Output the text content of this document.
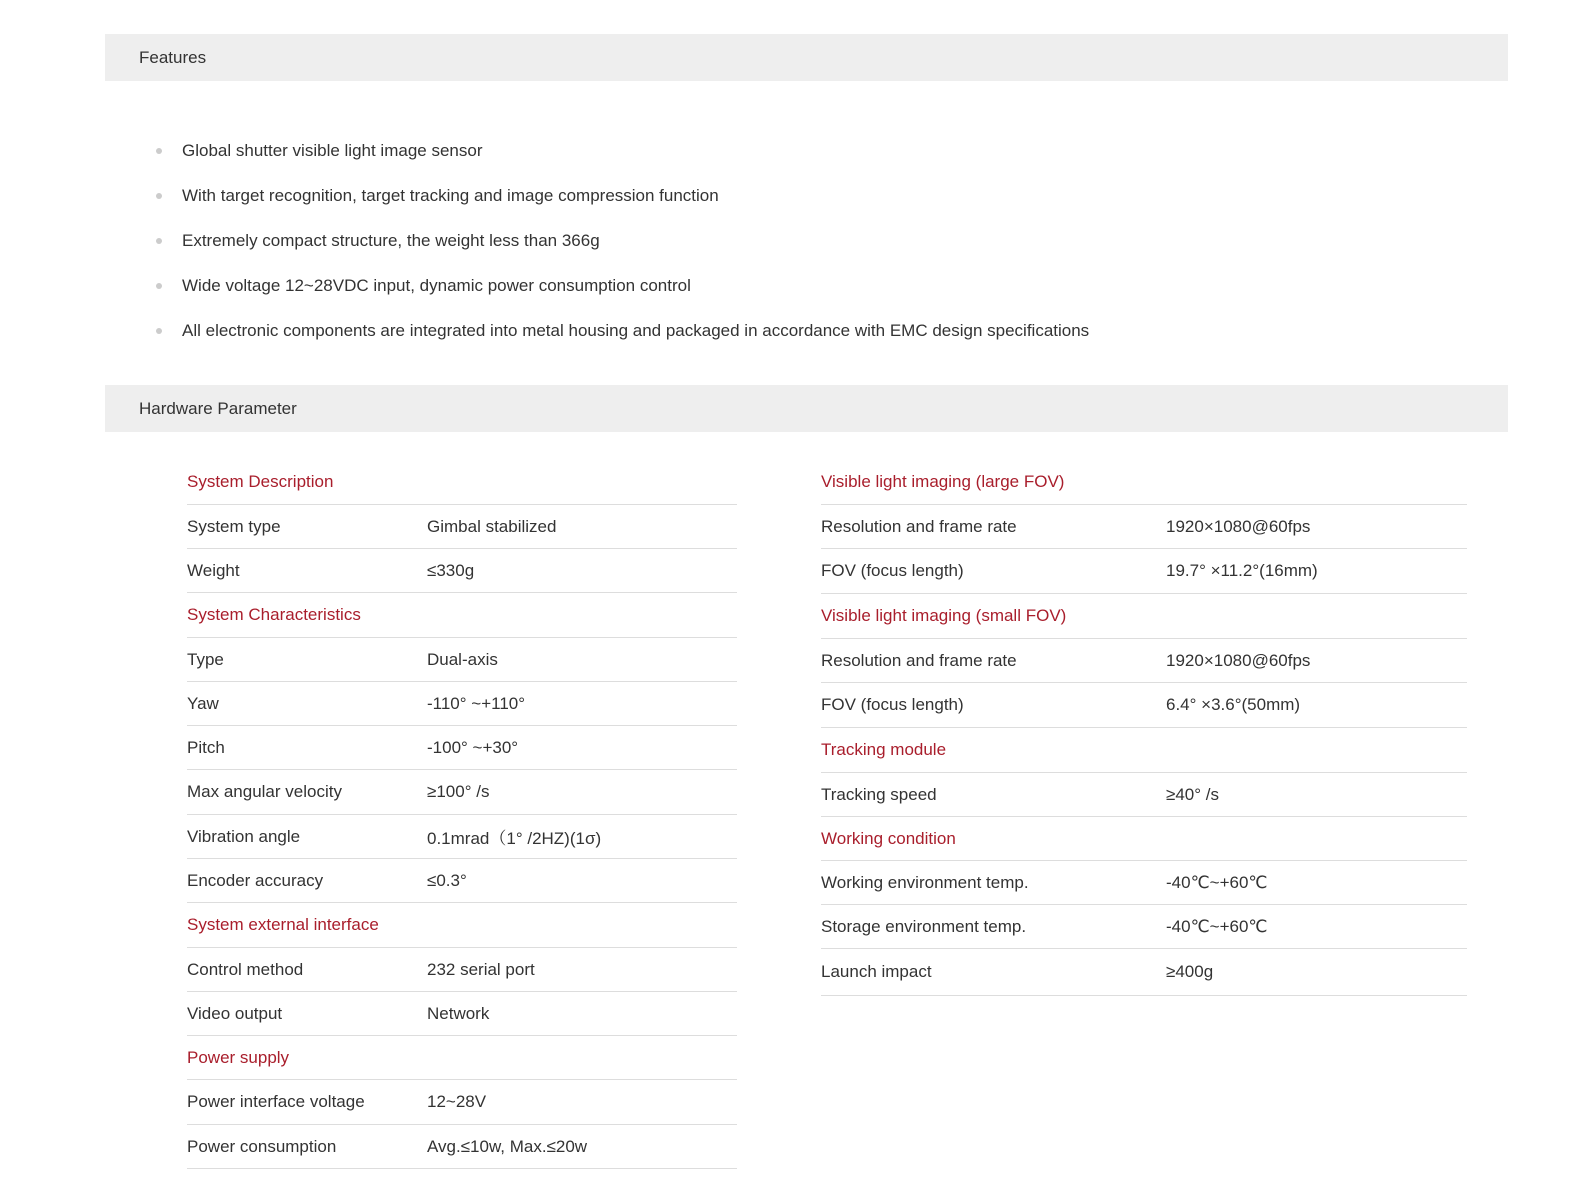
Features
Global shutter visible light image sensor
With target recognition, target tracking and image compression function
Extremely compact structure, the weight less than 366g
Wide voltage 12~28VDC input, dynamic power consumption control
All electronic components are integrated into metal housing and packaged in accordance with EMC design specifications
Hardware Parameter
System Description
System type	Gimbal stabilized
Weight	≤330g
System Characteristics
Type	Dual-axis
Yaw	-110° ~+110°
Pitch	-100° ~+30°
Max angular velocity	≥100° /s
Vibration angle	0.1mrad（1° /2HZ)(1σ)
Encoder accuracy	≤0.3°
System external interface
Control method	232 serial port
Video output	Network
Power supply
Power interface voltage	12~28V
Power consumption	Avg.≤10w, Max.≤20w
Visible light imaging (large FOV)
Resolution and frame rate	1920×1080@60fps
FOV (focus length)	19.7° ×11.2°(16mm)
Visible light imaging (small FOV)
Resolution and frame rate	1920×1080@60fps
FOV (focus length)	6.4° ×3.6°(50mm)
Tracking module
Tracking speed	≥40° /s
Working condition
Working environment temp.	-40℃~+60℃
Storage environment temp.	-40℃~+60℃
Launch impact	≥400g
